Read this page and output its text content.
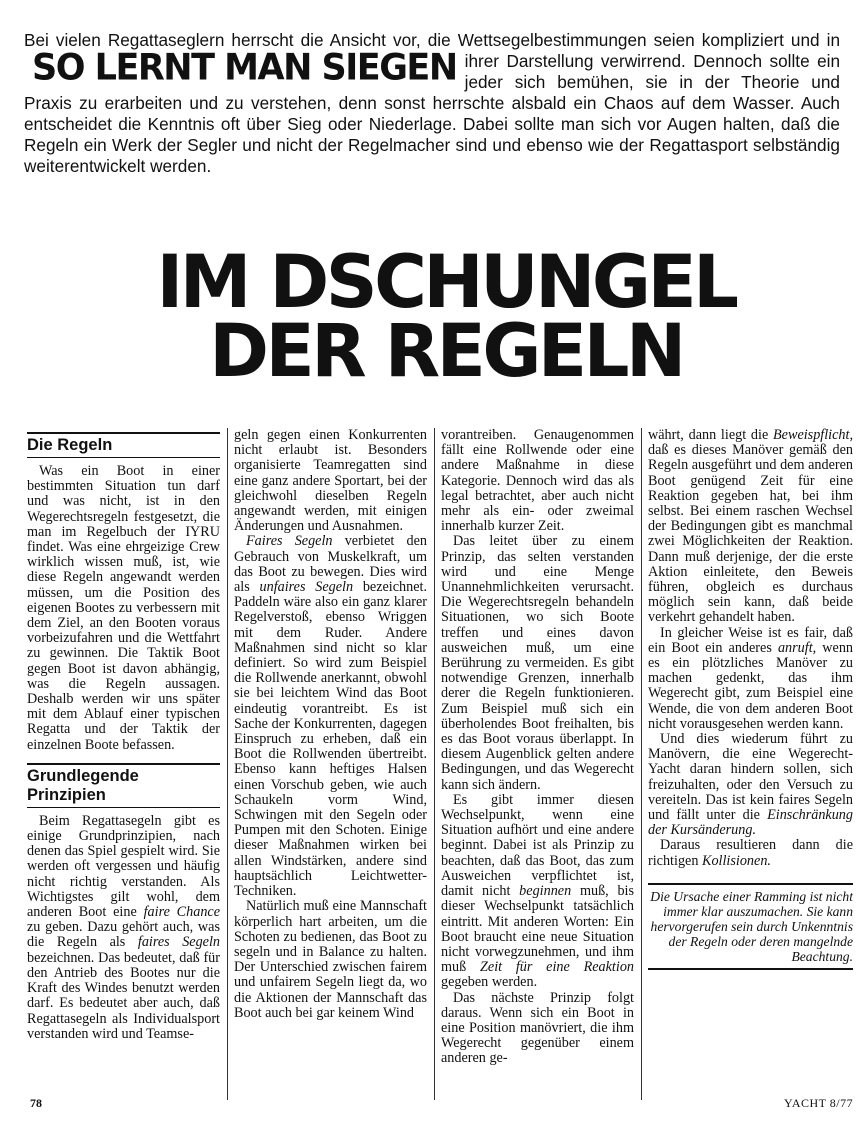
Bei vielen Regattaseglern herrscht die Ansicht vor,
SO LERNT MAN SIEGEN
die Wettsegelbestimmungen seien kompliziert und in ihrer Darstellung verwirrend. Dennoch sollte ein jeder sich bemühen, sie in der Theorie und Praxis zu erarbeiten und zu verstehen, denn sonst herrschte alsbald ein Chaos auf dem Wasser. Auch entscheidet die Kenntnis oft über Sieg oder Niederlage. Dabei sollte man sich vor Augen halten, daß die Regeln ein Werk der Segler und nicht der Regelmacher sind und ebenso wie der Regattasport selbständig weiterentwickelt werden.
IM DSCHUNGEL
DER REGELN
Die Regeln

Was ein Boot in einer bestimmten Situation tun darf und was nicht, ist in den Wegerechtsregeln festgesetzt, die man im Regelbuch der IYRU findet. Was eine ehrgeizige Crew wirklich wissen muß, ist, wie diese Regeln angewandt werden müssen, um die Position des eigenen Bootes zu verbessern mit dem Ziel, an den Booten voraus vorbeizufahren und die Wettfahrt zu gewinnen. Die Taktik Boot gegen Boot ist davon abhängig, was die Regeln aussagen. Deshalb werden wir uns später mit dem Ablauf einer typischen Regatta und der Taktik der einzelnen Boote befassen.

Grundlegende Prinzipien

Beim Regattasegeln gibt es einige Grundprinzipien, nach denen das Spiel gespielt wird. Sie werden oft vergessen und häufig nicht richtig verstanden. Als Wichtigstes gilt wohl, dem anderen Boot eine faire Chance zu geben. Dazu gehört auch, was die Regeln als faires Segeln bezeichnen. Das bedeutet, daß für den Antrieb des Bootes nur die Kraft des Windes benutzt werden darf. Es bedeutet aber auch, daß Regattasegeln als Individualsport verstanden wird und Teamse-

geln gegen einen Konkurrenten nicht erlaubt ist. Besonders organisierte Teamregatten sind eine ganz andere Sportart, bei der gleichwohl dieselben Regeln angewandt werden, mit einigen Änderungen und Ausnahmen.

Faires Segeln verbietet den Gebrauch von Muskelkraft, um das Boot zu bewegen. Dies wird als unfaires Segeln bezeichnet. Paddeln wäre also ein ganz klarer Regelverstoß, ebenso Wriggen mit dem Ruder. Andere Maßnahmen sind nicht so klar definiert. So wird zum Beispiel die Rollwende anerkannt, obwohl sie bei leichtem Wind das Boot eindeutig vorantreibt. Es ist Sache der Konkurrenten, dagegen Einspruch zu erheben, daß ein Boot die Rollwenden übertreibt. Ebenso kann heftiges Halsen einen Vorschub geben, wie auch Schaukeln vorm Wind, Schwingen mit den Segeln oder Pumpen mit den Schoten. Einige dieser Maßnahmen wirken bei allen Windstärken, andere sind hauptsächlich Leichtwetter-Techniken.

Natürlich muß eine Mannschaft körperlich hart arbeiten, um die Schoten zu bedienen, das Boot zu segeln und in Balance zu halten. Der Unterschied zwischen fairem und unfairem Segeln liegt da, wo die Aktionen der Mannschaft das Boot auch bei gar keinem Wind

vorantreiben. Genaugenommen fällt eine Rollwende oder eine andere Maßnahme in diese Kategorie. Dennoch wird das als legal betrachtet, aber auch nicht mehr als ein- oder zweimal innerhalb kurzer Zeit.

Das leitet über zu einem Prinzip, das selten verstanden wird und eine Menge Unannehmlichkeiten verursacht. Die Wegerechtsregeln behandeln Situationen, wo sich Boote treffen und eines davon ausweichen muß, um eine Berührung zu vermeiden. Es gibt notwendige Grenzen, innerhalb derer die Regeln funktionieren. Zum Beispiel muß sich ein überholendes Boot freihalten, bis es das Boot voraus überlappt. In diesem Augenblick gelten andere Bedingungen, und das Wegerecht kann sich ändern.

Es gibt immer diesen Wechselpunkt, wenn eine Situation aufhört und eine andere beginnt. Dabei ist als Prinzip zu beachten, daß das Boot, das zum Ausweichen verpflichtet ist, damit nicht beginnen muß, bis dieser Wechselpunkt tatsächlich eintritt. Mit anderen Worten: Ein Boot braucht eine neue Situation nicht vorwegzunehmen, und ihm muß Zeit für eine Reaktion gegeben werden.

Das nächste Prinzip folgt daraus. Wenn sich ein Boot in eine Position manövriert, die ihm Wegerecht gegenüber einem anderen ge-

währt, dann liegt die Beweispflicht, daß es dieses Manöver gemäß den Regeln ausgeführt und dem anderen Boot genügend Zeit für eine Reaktion gegeben hat, bei ihm selbst. Bei einem raschen Wechsel der Bedingungen gibt es manchmal zwei Möglichkeiten der Reaktion. Dann muß derjenige, der die erste Aktion einleitete, den Beweis führen, obgleich es durchaus möglich sein kann, daß beide verkehrt gehandelt haben.

In gleicher Weise ist es fair, daß ein Boot ein anderes anruft, wenn es ein plötzliches Manöver zu machen gedenkt, das ihm Wegerecht gibt, zum Beispiel eine Wende, die von dem anderen Boot nicht vorausgesehen werden kann.

Und dies wiederum führt zu Manövern, die eine Wegerecht-Yacht daran hindern sollen, sich freizuhalten, oder den Versuch zu vereiteln. Das ist kein faires Segeln und fällt unter die Einschränkung der Kursänderung.

Daraus resultieren dann die richtigen Kollisionen.

Die Ursache einer Ramming ist nicht immer klar auszumachen. Sie kann hervorgerufen sein durch Unkenntnis der Regeln oder deren mangelnde Beachtung.
78	YACHT 8/77
